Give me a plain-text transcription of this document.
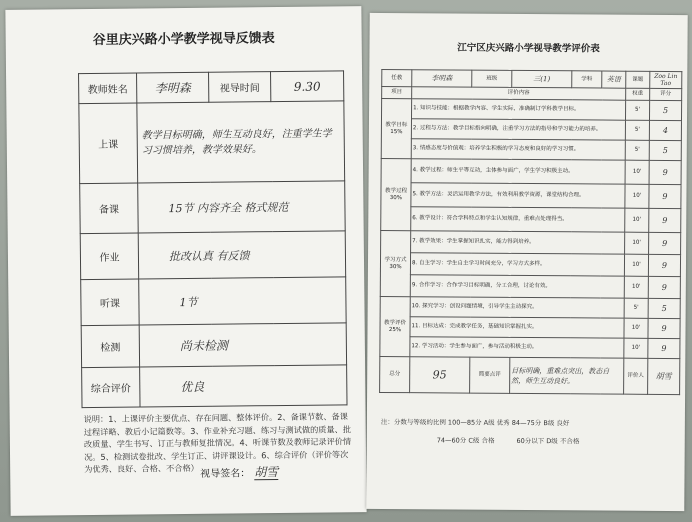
谷里庆兴路小学教学视导反馈表
教师姓名	李明森	视导时间	9.30
上课	教学目标明确，师生互动良好，注重学生学习习惯培养，教学效果好。		
备课	15节 内容齐全 格式规范		
作业	批改认真 有反馈		
听课	1节		
检测	尚未检测		
综合评价	优良		
说明：1、上课评价主要优点、存在问题、整体评价。2、备课节数、备课过程详略、教后小记篇数等。3、作业补充习题、练习与测试做的质量、批改质量、学生书写、订正与教师复批情况。4、听课节数及教师记录评价情况。5、检测试卷批改、学生订正、讲评课设计。6、综合评价（评价等次为优秀、良好、合格、不合格） 视导签名： 胡雪
江宁区庆兴路小学视导教学评价表
任教	李明森	班级	三(1)	学科	英语	课题	Zoo Lin Tao
项目	评价内容					权重	评分
教学目标 15%	1. 知识与技能：根据教学内容、学生实际，准确制订学科教学目标。					5'	5
	2. 过程与方法：教学目标指向明确，注重学习方法的指导和学习能力的培养。					5'	4
	3. 情感态度与价值观：培养学生积极的学习态度和良好的学习习惯。					5'	5
教学过程 30%	4. 教学过程：师生平等互动，主体参与面广，学生学习积极主动。					10'	9
	5. 教学方法：灵活运用教学方法，有效利用教学资源，课堂结构合理。					10'	9
	6. 教学设计：符合学科特点和学生认知规律，重难点处理得当。					10'	9
学习方式 30%	7. 教学效果：学生掌握知识扎实，能力得到培养。					10'	9
	8. 自主学习：学生自主学习时间充分，学习方式多样。					10'	9
	9. 合作学习：合作学习目标明确，分工合理，讨论有效。					10'	9
教学评价 25%	10. 探究学习：创设问题情境，引导学生主动探究。					5'	5
	11. 目标达成：完成教学任务，基础知识掌握扎实。					10'	9
	12. 学习活动：学生参与面广，参与活动积极主动。					10'	9
总分	95	简要点评	目标明确，重难点突出，教态自然，师生互动良好。			评价人	胡雪
注：分数与等级的比例 100—85分 A级 优秀 84—75分 B级 良好
74—60分 C级 合格	60分以下 D级 不合格
